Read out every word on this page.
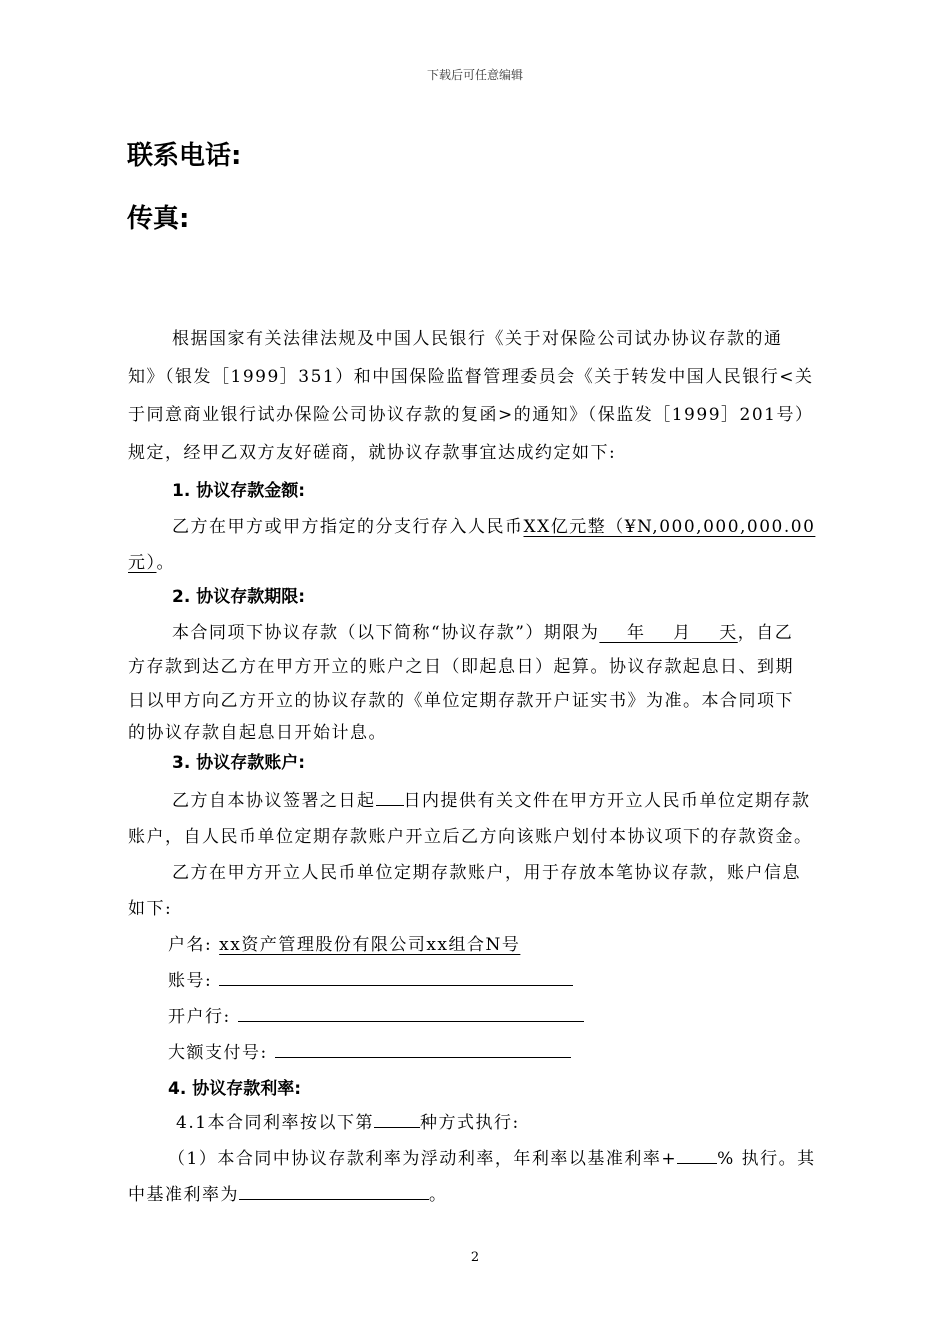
下载后可任意编辑
联系电话:
传真:
根据国家有关法律法规及中国人民银行《关于对保险公司试办协议存款的通
知》（银发［1999］351）和中国保险监督管理委员会《关于转发中国人民银行<关
于同意商业银行试办保险公司协议存款的复函>的通知》（保监发［1999］201号）
规定，经甲乙双方友好磋商，就协议存款事宜达成约定如下:
1. 协议存款金额:
乙方在甲方或甲方指定的分支行存入人民币XX亿元整（¥N,000,000,000.00
元）。
2. 协议存款期限:
本合同项下协议存款（以下简称“协议存款”）期限为    年    月    天，自乙
方存款到达乙方在甲方开立的账户之日（即起息日）起算。协议存款起息日、到期
日以甲方向乙方开立的协议存款的《单位定期存款开户证实书》为准。本合同项下
的协议存款自起息日开始计息。
3. 协议存款账户:
乙方自本协议签署之日起 日内提供有关文件在甲方开立人民币单位定期存款
账户，自人民币单位定期存款账户开立后乙方向该账户划付本协议项下的存款资金。
乙方在甲方开立人民币单位定期存款账户，用于存放本笔协议存款，账户信息
如下:
户名: xx资产管理股份有限公司xx组合N号
账号:
开户行:
大额支付号:
4. 协议存款利率:
4.1本合同利率按以下第	种方式执行:
（1）本合同中协议存款利率为浮动利率，年利率以基准利率+ % 执行。其
中基准利率为	。
2
